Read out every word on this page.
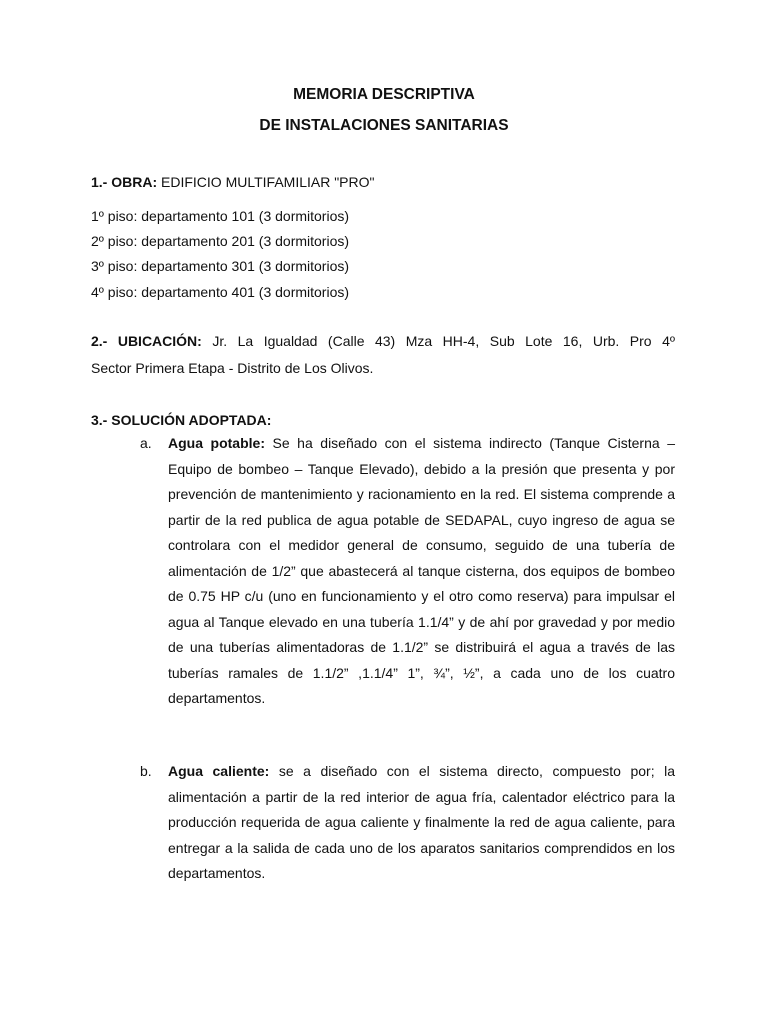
MEMORIA DESCRIPTIVA
DE INSTALACIONES SANITARIAS
1.- OBRA: EDIFICIO MULTIFAMILIAR "PRO"
1º piso: departamento 101 (3 dormitorios)
2º piso: departamento 201 (3 dormitorios)
3º piso: departamento 301 (3 dormitorios)
4º piso: departamento 401 (3 dormitorios)
2.- UBICACIÓN: Jr. La Igualdad (Calle 43) Mza HH-4, Sub Lote 16, Urb. Pro 4º
Sector Primera Etapa - Distrito de Los Olivos.
3.- SOLUCIÓN ADOPTADA:
a. Agua potable: Se ha diseñado con el sistema indirecto (Tanque Cisterna – Equipo de bombeo – Tanque Elevado), debido a la presión que presenta y por prevención de mantenimiento y racionamiento en la red. El sistema comprende a partir de la red publica de agua potable de SEDAPAL, cuyo ingreso de agua se controlara con el medidor general de consumo, seguido de una tubería de alimentación de 1/2” que abastecerá al tanque cisterna, dos equipos de bombeo de 0.75 HP c/u (uno en funcionamiento y el otro como reserva) para impulsar el agua al Tanque elevado en una tubería 1.1/4” y de ahí por gravedad y por medio de una tuberías alimentadoras de 1.1/2” se distribuirá el agua a través de las tuberías ramales de 1.1/2” ,1.1/4” 1”, ¾”, ½”, a cada uno de los cuatro departamentos.
b. Agua caliente: se a diseñado con el sistema directo, compuesto por; la alimentación a partir de la red interior de agua fría, calentador eléctrico para la producción requerida de agua caliente y finalmente la red de agua caliente, para entregar a la salida de cada uno de los aparatos sanitarios comprendidos en los departamentos.
